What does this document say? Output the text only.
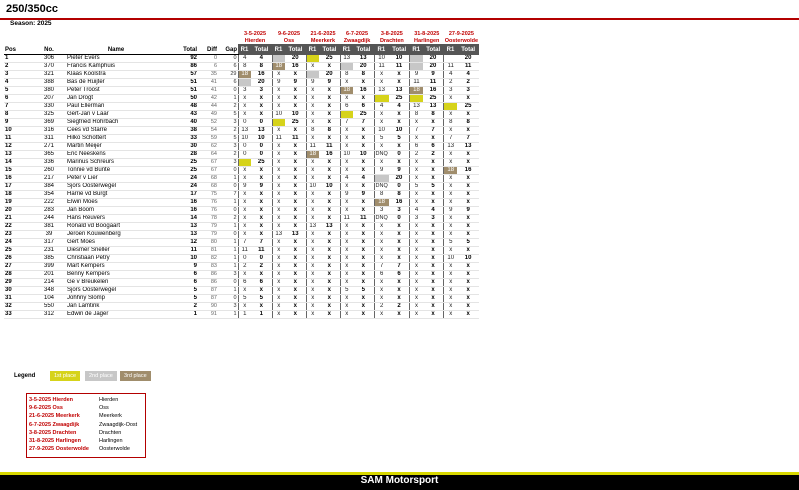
250/350cc
Season: 2025
						3-5-2025
Hierden		9-6-2025
Oss		21-6-2025
Meerkerk		6-7-2025
Zwaagdijk		3-8-2025
Drachten		31-8-2025
Harlingen		27-9-2025
Oosterwolde	
Pos	No.	Name	Total	Diff	Gap	R1	Total	R1	Total	R1	Total	R1	Total	R1	Total	R1	Total	R1	Total
1	306	Pieter Evers	92	0	0	4	4		20		25	13	13	10	10		20		20
2	370	Francis Kamphuis	86	6	6	8	8	18	16	x	x		20	11	11		20	11	11
3	321	Klaas Koolstra	57	35	29	18	16	x	x		20	8	8	x	x	9	9	4	4
4	388	Bas de Ruijter	51	41	6		20	9	9	9	9	x	x	x	x	11	11	2	2
5	380	Peter Troost	51	41	0	3	3	x	x	x	x	18	16	13	13	18	16	3	3
6	207	Jan Drogt	50	42	1	x	x	x	x	x	x	x	x		25		25	x	x
7	330	Paul Ellerman	48	44	2	x	x	x	x	x	x	6	6	4	4	13	13		25
8	325	Gert-Jan v Laar	43	49	5	x	x	10	10	x	x		25	x	x	8	8	x	x
9	369	Siegfried Rohrbach	40	52	3	0	0		25	x	x	7	7	x	x	x	x	8	8
10	316	Cees vd Starre	38	54	2	13	13	x	x	8	8	x	x	10	10	7	7	x	x
11	311	Hilko Schottert	33	59	5	10	10	11	11	x	x	x	x	5	5	x	x	7	7
12	271	Martin Meijer	30	62	3	0	0	x	x	11	11	x	x	x	x	6	6	13	13
13	365	Eric Neeskens	28	64	2	0	0	x	x	18	16	10	10	DNQ	0	2	2	x	x
14	336	Marinus Schreurs	25	67	3		25	x	x	x	x	x	x	x	x	x	x	x	x
15	260	Tonnie vd Bunte	25	67	0	x	x	x	x	x	x	x	x	9	9	x	x	18	16
16	217	Peter v Lier	24	68	1	x	x	x	x	x	x	4	4		20	x	x	x	x
17	384	Sjors Oosterwegel	24	68	0	9	9	x	x	10	10	x	x	DNQ	0	5	5	x	x
18	354	Harrie vd Burgt	17	75	7	x	x	x	x	x	x	9	9	8	8	x	x	x	x
19	222	Elwin Moes	16	76	1	x	x	x	x	x	x	x	x	18	16	x	x	x	x
20	283	Jan Boom	16	76	0	x	x	x	x	x	x	x	x	3	3	4	4	9	9
21	244	Hans Reuvers	14	78	2	x	x	x	x	x	x	11	11	DNQ	0	3	3	x	x
22	381	Ronald vd Boogaart	13	79	1	x	x	x	x	13	13	x	x	x	x	x	x	x	x
23	39	Jeroen Kouwenberg	13	79	0	x	x	13	13	x	x	x	x	x	x	x	x	x	x
24	317	Gert Moes	12	80	1	7	7	x	x	x	x	x	x	x	x	x	x	5	5
25	231	Diesmer Sneller	11	81	1	11	11	x	x	x	x	x	x	x	x	x	x	x	x
26	385	Christiaan Petry	10	82	1	0	0	x	x	x	x	x	x	x	x	x	x	10	10
27	399	Mart Kempers	9	83	1	2	2	x	x	x	x	x	x	7	7	x	x	x	x
28	201	Benny Kempers	6	86	3	x	x	x	x	x	x	x	x	6	6	x	x	x	x
29	214	Ge v Breukelen	6	86	0	6	6	x	x	x	x	x	x	x	x	x	x	x	x
30	348	Sjors Oosterwegel	5	87	1	x	x	x	x	x	x	5	5	x	x	x	x	x	x
31	104	Johhny Slomp	5	87	0	5	5	x	x	x	x	x	x	x	x	x	x	x	x
32	550	Jan Lamtink	2	90	3	x	x	x	x	x	x	x	x	2	2	x	x	x	x
33	312	Edwin de Jager	1	91	1	1	1	x	x	x	x	x	x	x	x	x	x	x	x
Legend	1st place	2nd place	3rd place
3-5-2025 Hierden	Hierden
9-6-2025 Oss	Oss
21-6-2025 Meerkerk	Meerkerk
6-7-2025 Zwaagdijk	Zwaagdijk-Oost
3-8-2025 Drachten	Drachten
31-8-2025 Harlingen	Harlingen
27-9-2025 Oosterwolde	Oosterwolde
SAM Motorsport
